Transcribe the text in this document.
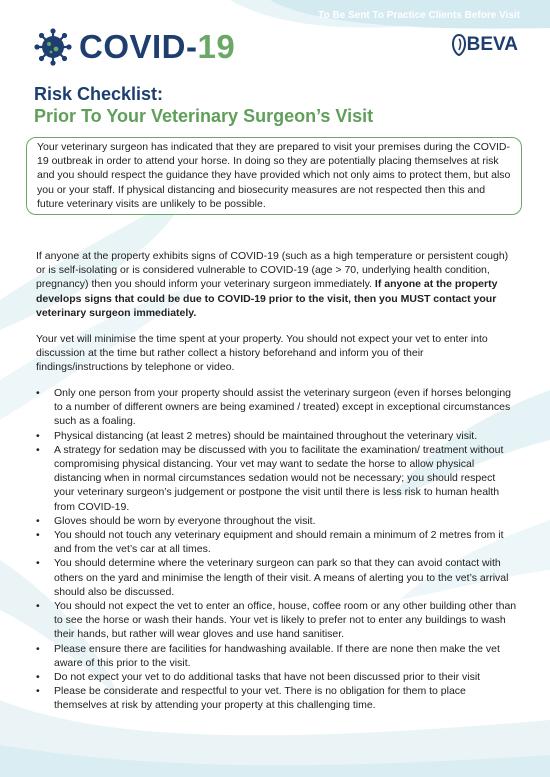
To Be Sent To Practice Clients Before Visit
COVID-19	BEVA
Risk Checklist:
Prior To Your Veterinary Surgeon’s Visit
Your veterinary surgeon has indicated that they are prepared to visit your premises during the COVID-19 outbreak in order to attend your horse. In doing so they are potentially placing themselves at risk and you should respect the guidance they have provided which not only aims to protect them, but also you or your staff. If physical distancing and biosecurity measures are not respected then this and future veterinary visits are unlikely to be possible.
If anyone at the property exhibits signs of COVID-19 (such as a high temperature or persistent cough) or is self-isolating or is considered vulnerable to COVID-19 (age > 70, underlying health condition, pregnancy) then you should inform your veterinary surgeon immediately. If anyone at the property develops signs that could be due to COVID-19 prior to the visit, then you MUST contact your veterinary surgeon immediately.
Your vet will minimise the time spent at your property. You should not expect your vet to enter into discussion at the time but rather collect a history beforehand and inform you of their findings/instructions by telephone or video.
• Only one person from your property should assist the veterinary surgeon (even if horses belonging to a number of different owners are being examined / treated) except in exceptional circumstances such as a foaling.
• Physical distancing (at least 2 metres) should be maintained throughout the veterinary visit.
• A strategy for sedation may be discussed with you to facilitate the examination/ treatment without compromising physical distancing. Your vet may want to sedate the horse to allow physical distancing when in normal circumstances sedation would not be necessary; you should respect your veterinary surgeon’s judgement or postpone the visit until there is less risk to human health from COVID-19.
• Gloves should be worn by everyone throughout the visit.
• You should not touch any veterinary equipment and should remain a minimum of 2 metres from it and from the vet’s car at all times.
• You should determine where the veterinary surgeon can park so that they can avoid contact with others on the yard and minimise the length of their visit. A means of alerting you to the vet’s arrival should also be discussed.
• You should not expect the vet to enter an office, house, coffee room or any other building other than to see the horse or wash their hands. Your vet is likely to prefer not to enter any buildings to wash their hands, but rather will wear gloves and use hand sanitiser.
• Please ensure there are facilities for handwashing available. If there are none then make the vet aware of this prior to the visit.
• Do not expect your vet to do additional tasks that have not been discussed prior to their visit
• Please be considerate and respectful to your vet. There is no obligation for them to place themselves at risk by attending your property at this challenging time.
